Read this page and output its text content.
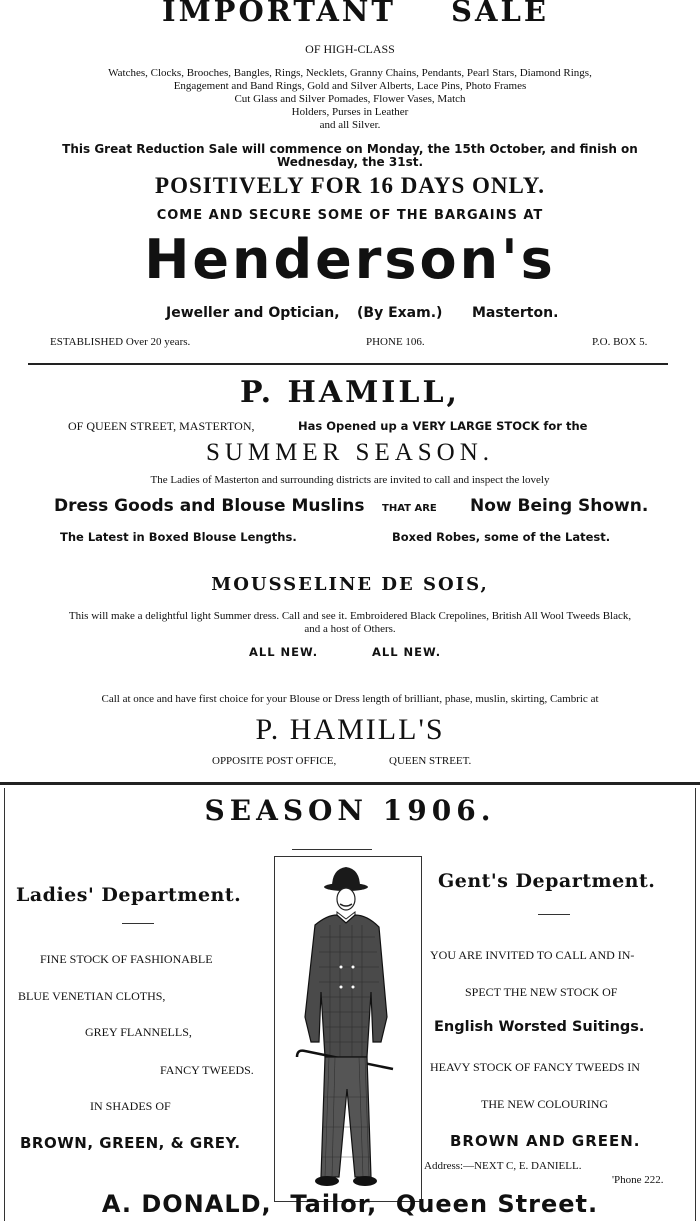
IMPORTANT SALE
OF HIGH-CLASS
Watches, Clocks, Brooches, Bangles, Rings, Necklets, Granny Chains, Pendants, Pearl Stars, Diamond Rings,
Engagement and Band Rings, Gold and Silver Alberts, Lace Pins, Photo Frames
Cut Glass and Silver Pomades, Flower Vases, Match
Holders, Purses in Leather
and all Silver.
This Great Reduction Sale will commence on Monday, the 15th October, and finish on
Wednesday, the 31st.
POSITIVELY FOR 16 DAYS ONLY.
COME AND SECURE SOME OF THE BARGAINS AT
Henderson's
Jeweller and Optician, (By Exam.) Masterton.
ESTABLISHED Over 20 years.	PHONE 106.	P.O. BOX 5.
P. HAMILL,
OF QUEEN STREET, MASTERTON,	Has Opened up a VERY LARGE STOCK for the
SUMMER SEASON.
The Ladies of Masterton and surrounding districts are invited to call and inspect the lovely
Dress Goods and Blouse Muslins THAT ARE Now Being Shown.
The Latest in Boxed Blouse Lengths.	Boxed Robes, some of the Latest.
MOUSSELINE DE SOIS,
This will make a delightful light Summer dress. Call and see it. Embroidered Black Crepolines, British All Wool Tweeds Black,
and a host of Others.
ALL NEW.	ALL NEW.
Call at once and have first choice for your Blouse or Dress length of brilliant, phase, muslin, skirting, Cambric at
P. HAMILL'S
OPPOSITE POST OFFICE,	QUEEN STREET.
SEASON 1906.
Ladies' Department.
FINE STOCK OF FASHIONABLE
BLUE VENETIAN CLOTHS,
GREY FLANNELLS,
FANCY TWEEDS.
IN SHADES OF
BROWN, GREEN, & GREY.
Gent's Department.
YOU ARE INVITED TO CALL AND IN-
SPECT THE NEW STOCK OF
English Worsted Suitings.
HEAVY STOCK OF FANCY TWEEDS IN
THE NEW COLOURING
BROWN AND GREEN.
Address:—NEXT C, E. DANIELL.
'Phone 222.
A. DONALD,  Tailor,  Queen Street.
